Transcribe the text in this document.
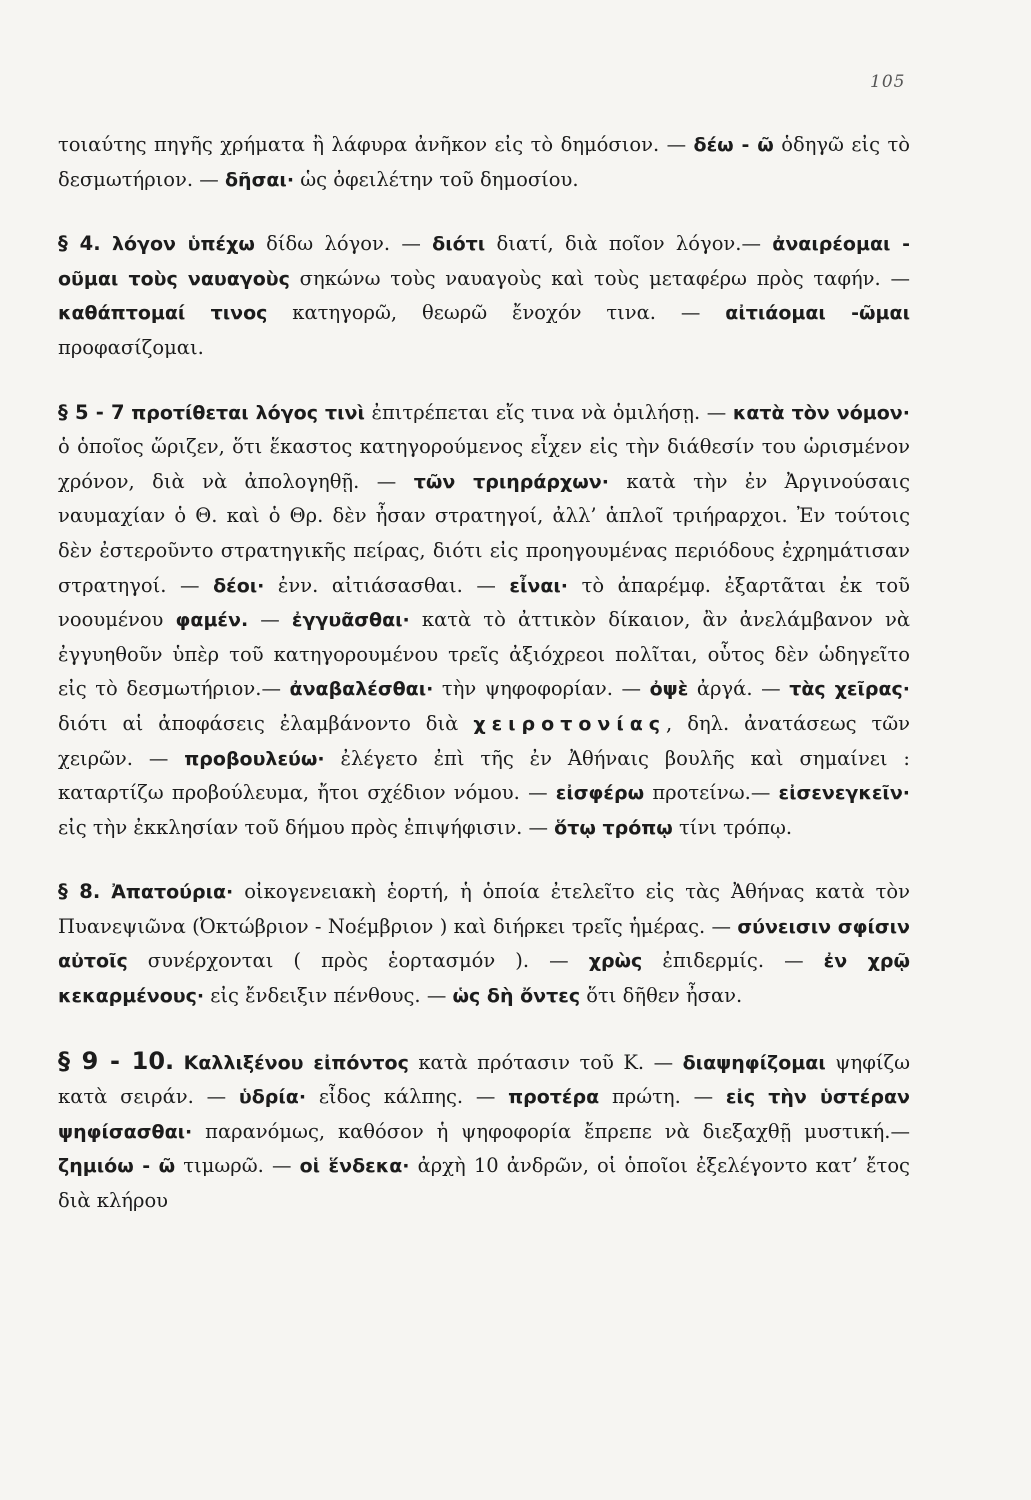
105

τοιαύτης πηγῆς χρήματα ἢ λάφυρα ἀνῆκον εἰς τὸ δημόσιον. — δέω - ῶ ὁδηγῶ εἰς τὸ δεσμωτήριον. — δῆσαι· ὡς ὀφειλέτην τοῦ δημοσίου.

§ 4. λόγον ὑπέχω δίδω λόγον. — διότι διατί, διὰ ποῖον λόγον.— ἀναιρέομαι - οῦμαι τοὺς ναυαγοὺς σηκώνω τοὺς ναυαγοὺς καὶ τοὺς μεταφέρω πρὸς ταφήν. — καθάπτομαί τινος κατηγορῶ, θεωρῶ ἔνοχόν τινα. — αἰτιάομαι -ῶμαι προφασίζομαι.

§ 5 - 7 προτίθεται λόγος τινὶ ἐπιτρέπεται εἴς τινα νὰ ὁμιλήσῃ. — κατὰ τὸν νόμον· ὁ ὁποῖος ὥριζεν, ὅτι ἕκαστος κατηγορούμενος εἶχεν εἰς τὴν διάθεσίν του ὡρισμένον χρόνον, διὰ νὰ ἀπολογηθῇ. — τῶν τριηράρχων· κατὰ τὴν ἐν Ἀργινούσαις ναυμαχίαν ὁ Θ. καὶ ὁ Θρ. δὲν ἦσαν στρατηγοί, ἀλλ’ ἁπλοῖ τριήραρχοι. Ἐν τούτοις δὲν ἐστεροῦντο στρατηγικῆς πείρας, διότι εἰς προηγουμένας περιόδους ἐχρημάτισαν στρατηγοί. — δέοι· ἐνν. αἰτιάσασθαι. — εἶναι· τὸ ἀπαρέμφ. ἐξαρτᾶται ἐκ τοῦ νοουμένου φαμέν. — ἐγγυᾶσθαι· κατὰ τὸ ἀττικὸν δίκαιον, ἂν ἀνελάμβανον νὰ ἐγγυηθοῦν ὑπὲρ τοῦ κατηγορουμένου τρεῖς ἀξιόχρεοι πολῖται, οὗτος δὲν ὡδηγεῖτο εἰς τὸ δεσμωτήριον.— ἀναβαλέσθαι· τὴν ψηφοφορίαν. — ὀψὲ ἀργά. — τὰς χεῖρας· διότι αἱ ἀποφάσεις ἐλαμβάνοντο διὰ χειροτονίας, δηλ. ἀνατάσεως τῶν χειρῶν. — προβουλεύω· ἐλέγετο ἐπὶ τῆς ἐν Ἀθήναις βουλῆς καὶ σημαίνει : καταρτίζω προβούλευμα, ἤτοι σχέδιον νόμου. — εἰσφέρω προτείνω.— εἰσενεγκεῖν· εἰς τὴν ἐκκλησίαν τοῦ δήμου πρὸς ἐπιψήφισιν. — ὅτῳ τρόπῳ τίνι τρόπῳ.

§ 8. Ἀπατούρια· οἰκογενειακὴ ἑορτή, ἡ ὁποία ἐτελεῖτο εἰς τὰς Ἀθήνας κατὰ τὸν Πυανεψιῶνα (Ὀκτώβριον - Νοέμβριον ) καὶ διήρκει τρεῖς ἡμέρας. — σύνεισιν σφίσιν αὐτοῖς συνέρχονται ( πρὸς ἑορτασμόν ). — χρὼς ἐπιδερμίς. — ἐν χρῷ κεκαρμένους· εἰς ἔνδειξιν πένθους. — ὡς δὴ ὄντες ὅτι δῆθεν ἦσαν.

§ 9 - 10. Καλλιξένου εἰπόντος κατὰ πρότασιν τοῦ Κ. — διαψηφίζομαι ψηφίζω κατὰ σειράν. — ὑδρία· εἶδος κάλπης. — προτέρα πρώτη. — εἰς τὴν ὑστέραν ψηφίσασθαι· παρανόμως, καθόσον ἡ ψηφοφορία ἔπρεπε νὰ διεξαχθῇ μυστική.— ζημιόω - ῶ τιμωρῶ. — οἱ ἕνδεκα· ἀρχὴ 10 ἀνδρῶν, οἱ ὁποῖοι ἐξελέγοντο κατ’ ἔτος διὰ κλήρου
